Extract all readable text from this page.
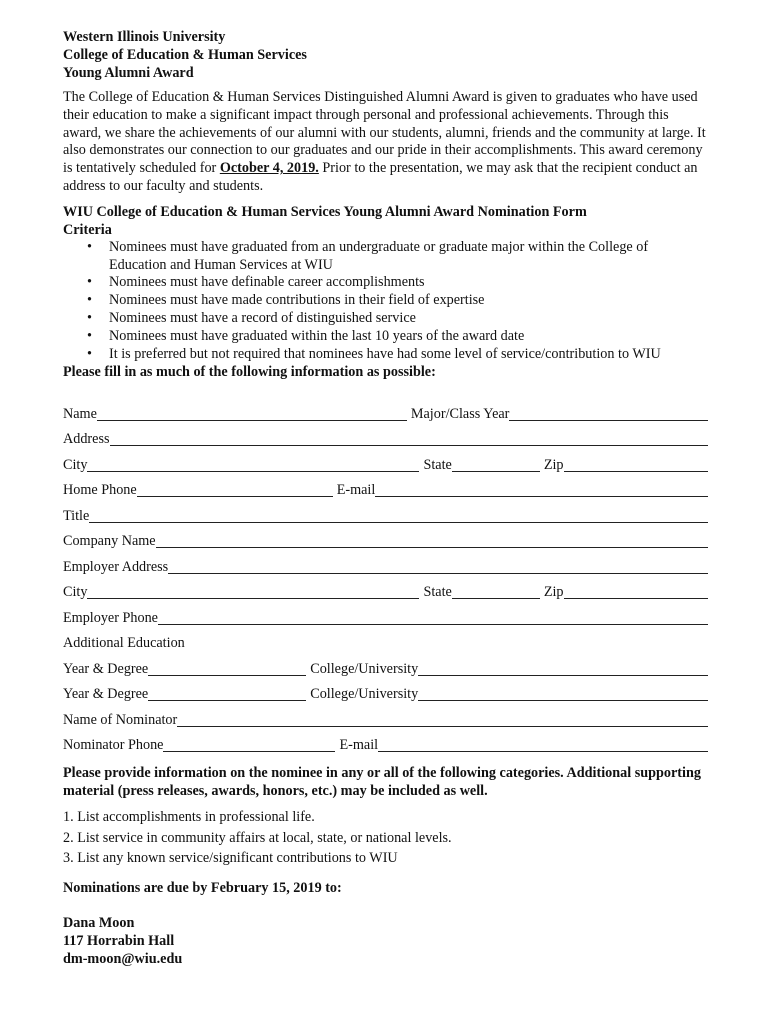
Western Illinois University
College of Education & Human Services
Young Alumni Award
The College of Education & Human Services Distinguished Alumni Award is given to graduates who have used their education to make a significant impact through personal and professional achievements. Through this award, we share the achievements of our alumni with our students, alumni, friends and the community at large. It also demonstrates our connection to our graduates and our pride in their accomplishments. This award ceremony is tentatively scheduled for October 4, 2019. Prior to the presentation, we may ask that the recipient conduct an address to our faculty and students.
WIU College of Education & Human Services Young Alumni Award Nomination Form
Criteria
• Nominees must have graduated from an undergraduate or graduate major within the College of Education and Human Services at WIU
• Nominees must have definable career accomplishments
• Nominees must have made contributions in their field of expertise
• Nominees must have a record of distinguished service
• Nominees must have graduated within the last 10 years of the award date
• It is preferred but not required that nominees have had some level of service/contribution to WIU
Please fill in as much of the following information as possible:
Name	Major/Class Year
Address
City	State	Zip
Home Phone	E-mail
Title
Company Name
Employer Address
City	State	Zip
Employer Phone
Additional Education
Year & Degree	College/University
Year & Degree	College/University
Name of Nominator
Nominator Phone	E-mail
Please provide information on the nominee in any or all of the following categories. Additional supporting material (press releases, awards, honors, etc.) may be included as well.
1. List accomplishments in professional life.
2. List service in community affairs at local, state, or national levels.
3. List any known service/significant contributions to WIU
Nominations are due by February 15, 2019 to:
Dana Moon
117 Horrabin Hall
dm-moon@wiu.edu
